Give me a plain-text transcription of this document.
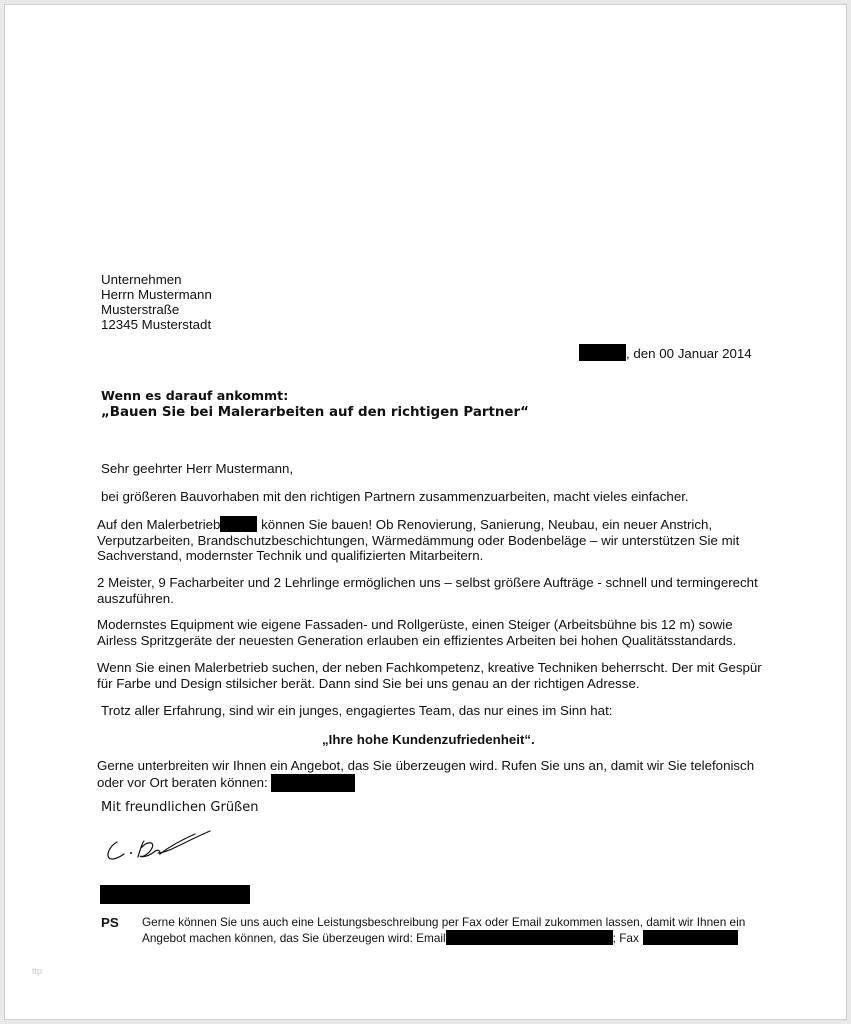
Unternehmen
Herrn Mustermann
Musterstraße
12345 Musterstadt
, den 00 Januar 2014
Wenn es darauf ankommt:
„Bauen Sie bei Malerarbeiten auf den richtigen Partner“
Sehr geehrter Herr Mustermann,
bei größeren Bauvorhaben mit den richtigen Partnern zusammenzuarbeiten, macht vieles einfacher.
Auf den Malerbetrieb	können Sie bauen! Ob Renovierung, Sanierung, Neubau, ein neuer Anstrich,
Verputzarbeiten, Brandschutzbeschichtungen, Wärmedämmung oder Bodenbeläge – wir unterstützen Sie mit
Sachverstand, modernster Technik und qualifizierten Mitarbeitern.
2 Meister, 9 Facharbeiter und 2 Lehrlinge ermöglichen uns – selbst größere Aufträge - schnell und termingerecht
auszuführen.
Modernstes Equipment wie eigene Fassaden- und Rollgerüste, einen Steiger (Arbeitsbühne bis 12 m) sowie
Airless Spritzgeräte der neuesten Generation erlauben ein effizientes Arbeiten bei hohen Qualitätsstandards.
Wenn Sie einen Malerbetrieb suchen, der neben Fachkompetenz, kreative Techniken beherrscht. Der mit Gespür
für Farbe und Design stilsicher berät. Dann sind Sie bei uns genau an der richtigen Adresse.
Trotz aller Erfahrung, sind wir ein junges, engagiertes Team, das nur eines im Sinn hat:
„Ihre hohe Kundenzufriedenheit“.
Gerne unterbreiten wir Ihnen ein Angebot, das Sie überzeugen wird. Rufen Sie uns an, damit wir Sie telefonisch
oder vor Ort beraten können:
Mit freundlichen Grüßen
PS Gerne können Sie uns auch eine Leistungsbeschreibung per Fax oder Email zukommen lassen, damit wir Ihnen ein
Angebot machen können, das Sie überzeugen wird: Email	; Fax
ttp
